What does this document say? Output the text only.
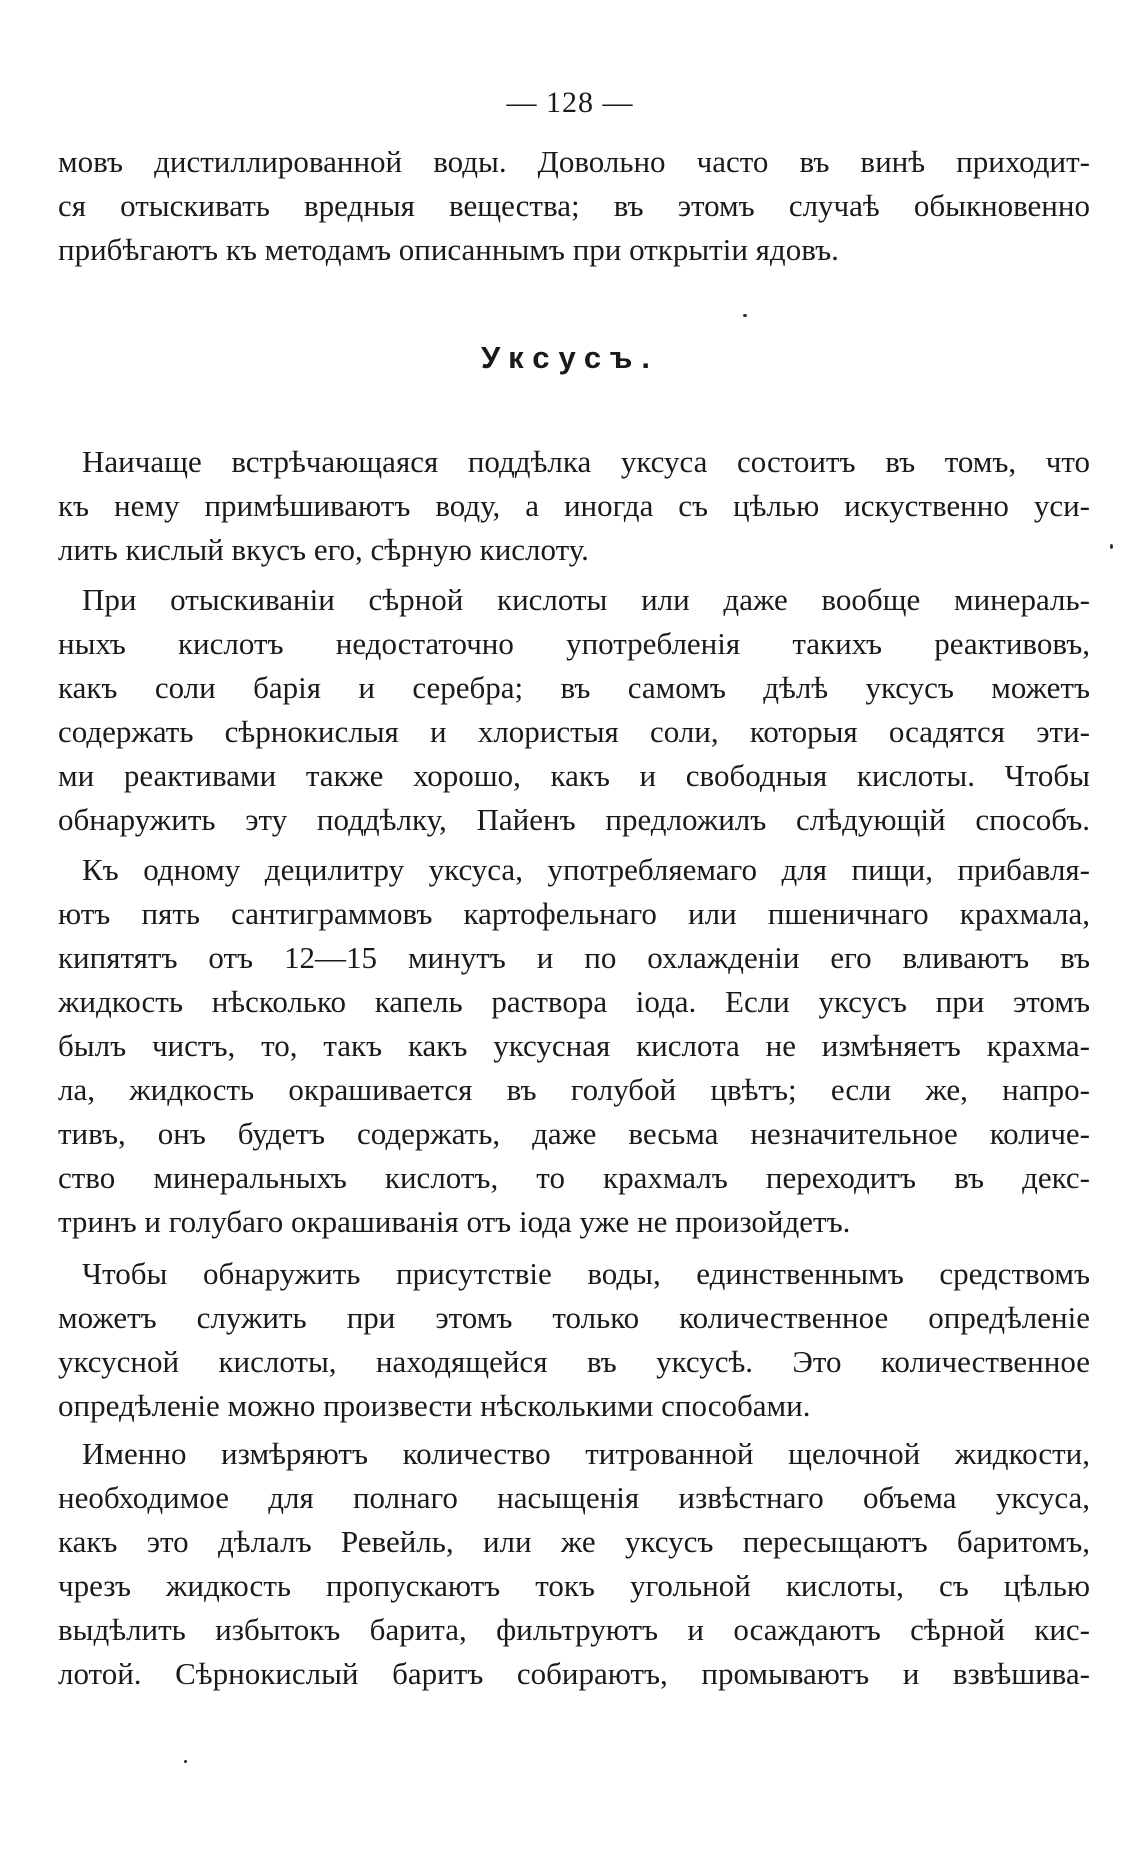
— 128 —
мовъ дистиллированной воды. Довольно часто въ винѣ приходит-
ся отыскивать вредныя вещества; въ этомъ случаѣ обыкновенно
прибѣгаютъ къ методамъ описаннымъ при открытіи ядовъ.
Уксусъ.
Наичаще встрѣчающаяся поддѣлка уксуса состоитъ въ томъ, что
къ нему примѣшиваютъ воду, а иногда съ цѣлью искуственно уси-
лить кислый вкусъ его, сѣрную кислоту.
При отыскиваніи сѣрной кислоты или даже вообще минераль-
ныхъ кислотъ недостаточно употребленія такихъ реактивовъ,
какъ соли барія и серебра; въ самомъ дѣлѣ уксусъ можетъ
содержать сѣрнокислыя и хлористыя соли, которыя осадятся эти-
ми реактивами также хорошо, какъ и свободныя кислоты. Чтобы
обнаружить эту поддѣлку, Пайенъ предложилъ слѣдующій способъ.
Къ одному децилитру уксуса, употребляемаго для пищи, прибавля-
ютъ пять сантиграммовъ картофельнаго или пшеничнаго крахмала,
кипятятъ отъ 12—15 минутъ и по охлажденіи его вливаютъ въ
жидкость нѣсколько капель раствора іода. Если уксусъ при этомъ
былъ чистъ, то, такъ какъ уксусная кислота не измѣняетъ крахма-
ла, жидкость окрашивается въ голубой цвѣтъ; если же, напро-
тивъ, онъ будетъ содержать, даже весьма незначительное количе-
ство минеральныхъ кислотъ, то крахмалъ переходитъ въ декс-
тринъ и голубаго окрашиванія отъ іода уже не произойдетъ.
Чтобы обнаружить присутствіе воды, единственнымъ средствомъ
можетъ служить при этомъ только количественное опредѣленіе
уксусной кислоты, находящейся въ уксусѣ. Это количественное
опредѣленіе можно произвести нѣсколькими способами.
Именно измѣряютъ количество титрованной щелочной жидкости,
необходимое для полнаго насыщенія извѣстнаго объема уксуса,
какъ это дѣлалъ Ревейль, или же уксусъ пересыщаютъ баритомъ,
чрезъ жидкость пропускаютъ токъ угольной кислоты, съ цѣлью
выдѣлить избытокъ барита, фильтруютъ и осаждаютъ сѣрной кис-
лотой. Сѣрнокислый баритъ собираютъ, промываютъ и взвѣшива-
